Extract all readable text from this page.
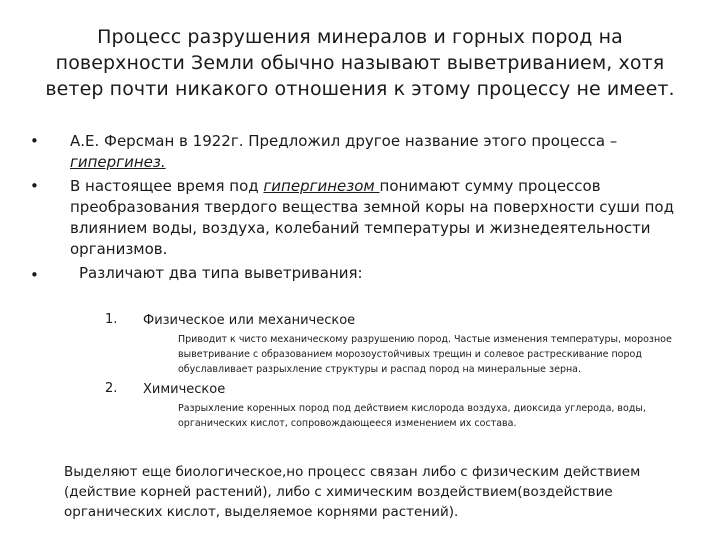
Процесс разрушения минералов и горных пород на поверхности Земли обычно называют выветриванием, хотя ветер почти никакого отношения к этому процессу не имеет.
• А.Е. Ферсман в 1922г. Предложил другое название этого процесса – гипергинез.
• В настоящее время под гипергинезом понимают сумму процессов преобразования твердого вещества земной коры на поверхности суши под влиянием воды, воздуха, колебаний температуры и жизнедеятельности организмов.
•	Различают два типа выветривания:
1. Физическое или механическое
Приводит к чисто механическому разрушению пород. Частые изменения температуры, морозное выветривание с образованием морозоустойчивых трещин и солевое растрескивание пород обуславливает разрыхление структуры и распад пород на минеральные зерна.
2. Химическое
Разрыхление коренных пород под действием кислорода воздуха, диоксида углерода, воды, органических кислот, сопровождающееся изменением их состава.
Выделяют еще биологическое,но процесс связан либо с физическим действием (действие корней растений), либо с химическим воздействием(воздействие органических кислот, выделяемое корнями растений).
